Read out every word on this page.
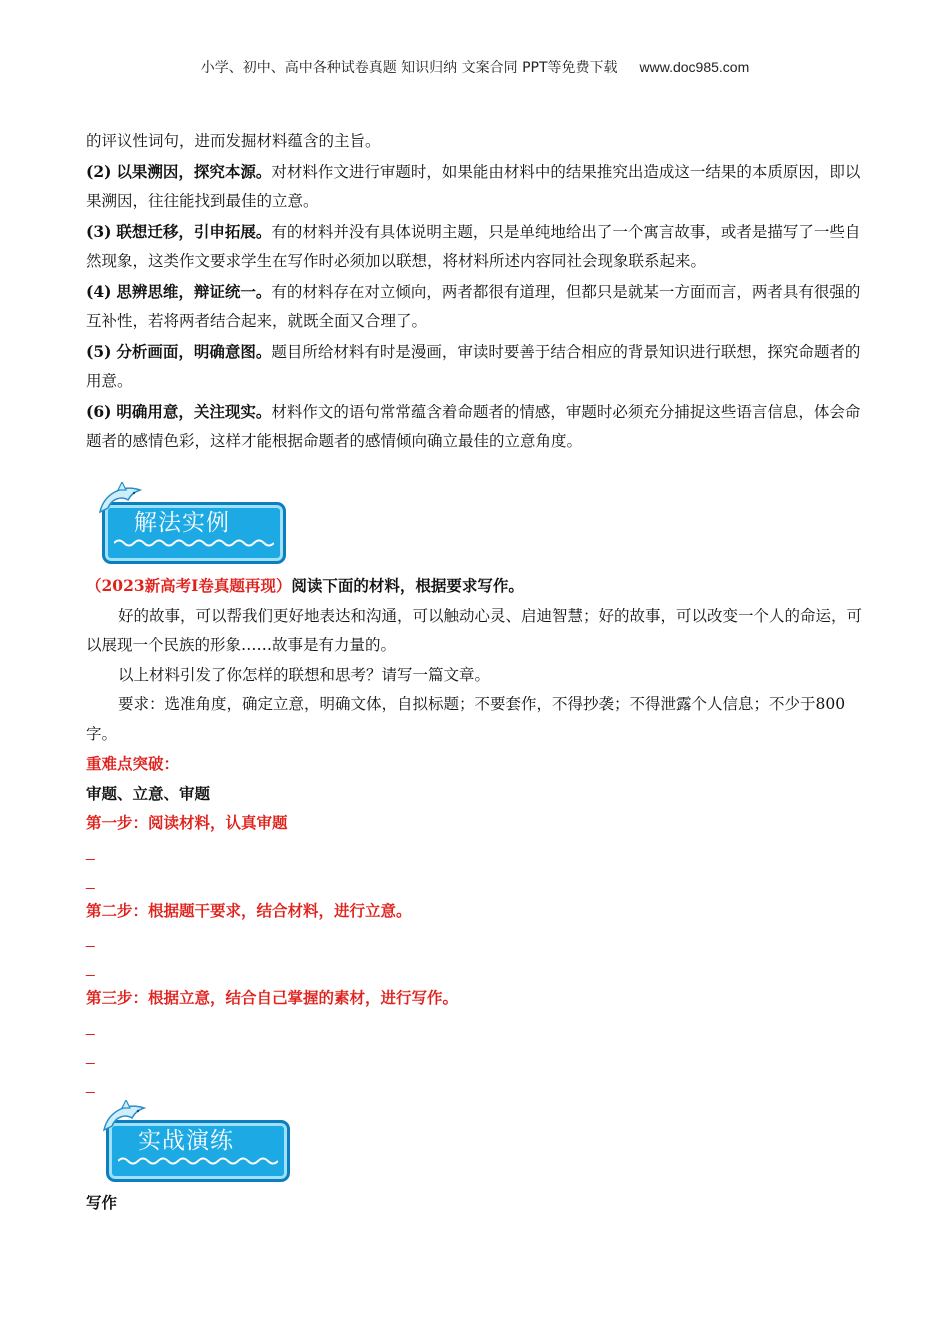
小学、初中、高中各种试卷真题 知识归纳 文案合同 PPT等免费下载 www.doc985.com
的评议性词句，进而发掘材料蕴含的主旨。
(2) 以果溯因，探究本源。对材料作文进行审题时，如果能由材料中的结果推究出造成这一结果的本质原因，即以果溯因，往往能找到最佳的立意。
(3) 联想迁移，引申拓展。有的材料并没有具体说明主题，只是单纯地给出了一个寓言故事，或者是描写了一些自然现象，这类作文要求学生在写作时必须加以联想，将材料所述内容同社会现象联系起来。
(4) 思辨思维，辩证统一。有的材料存在对立倾向，两者都很有道理，但都只是就某一方面而言，两者具有很强的互补性，若将两者结合起来，就既全面又合理了。
(5) 分析画面，明确意图。题目所给材料有时是漫画，审读时要善于结合相应的背景知识进行联想，探究命题者的用意。
(6) 明确用意，关注现实。材料作文的语句常常蕴含着命题者的情感，审题时必须充分捕捉这些语言信息，体会命题者的感情色彩，这样才能根据命题者的感情倾向确立最佳的立意角度。
解法实例
（2023新高考Ⅰ卷真题再现）阅读下面的材料，根据要求写作。
好的故事，可以帮我们更好地表达和沟通，可以触动心灵、启迪智慧；好的故事，可以改变一个人的命运，可以展现一个民族的形象……故事是有力量的。
以上材料引发了你怎样的联想和思考？请写一篇文章。
要求：选准角度，确定立意，明确文体，自拟标题；不要套作，不得抄袭；不得泄露个人信息；不少于800字。
重难点突破：
审题、立意、审题
第一步：阅读材料，认真审题
_
_
第二步：根据题干要求，结合材料，进行立意。
_
_
第三步：根据立意，结合自己掌握的素材，进行写作。
_
_
_
实战演练
写作
